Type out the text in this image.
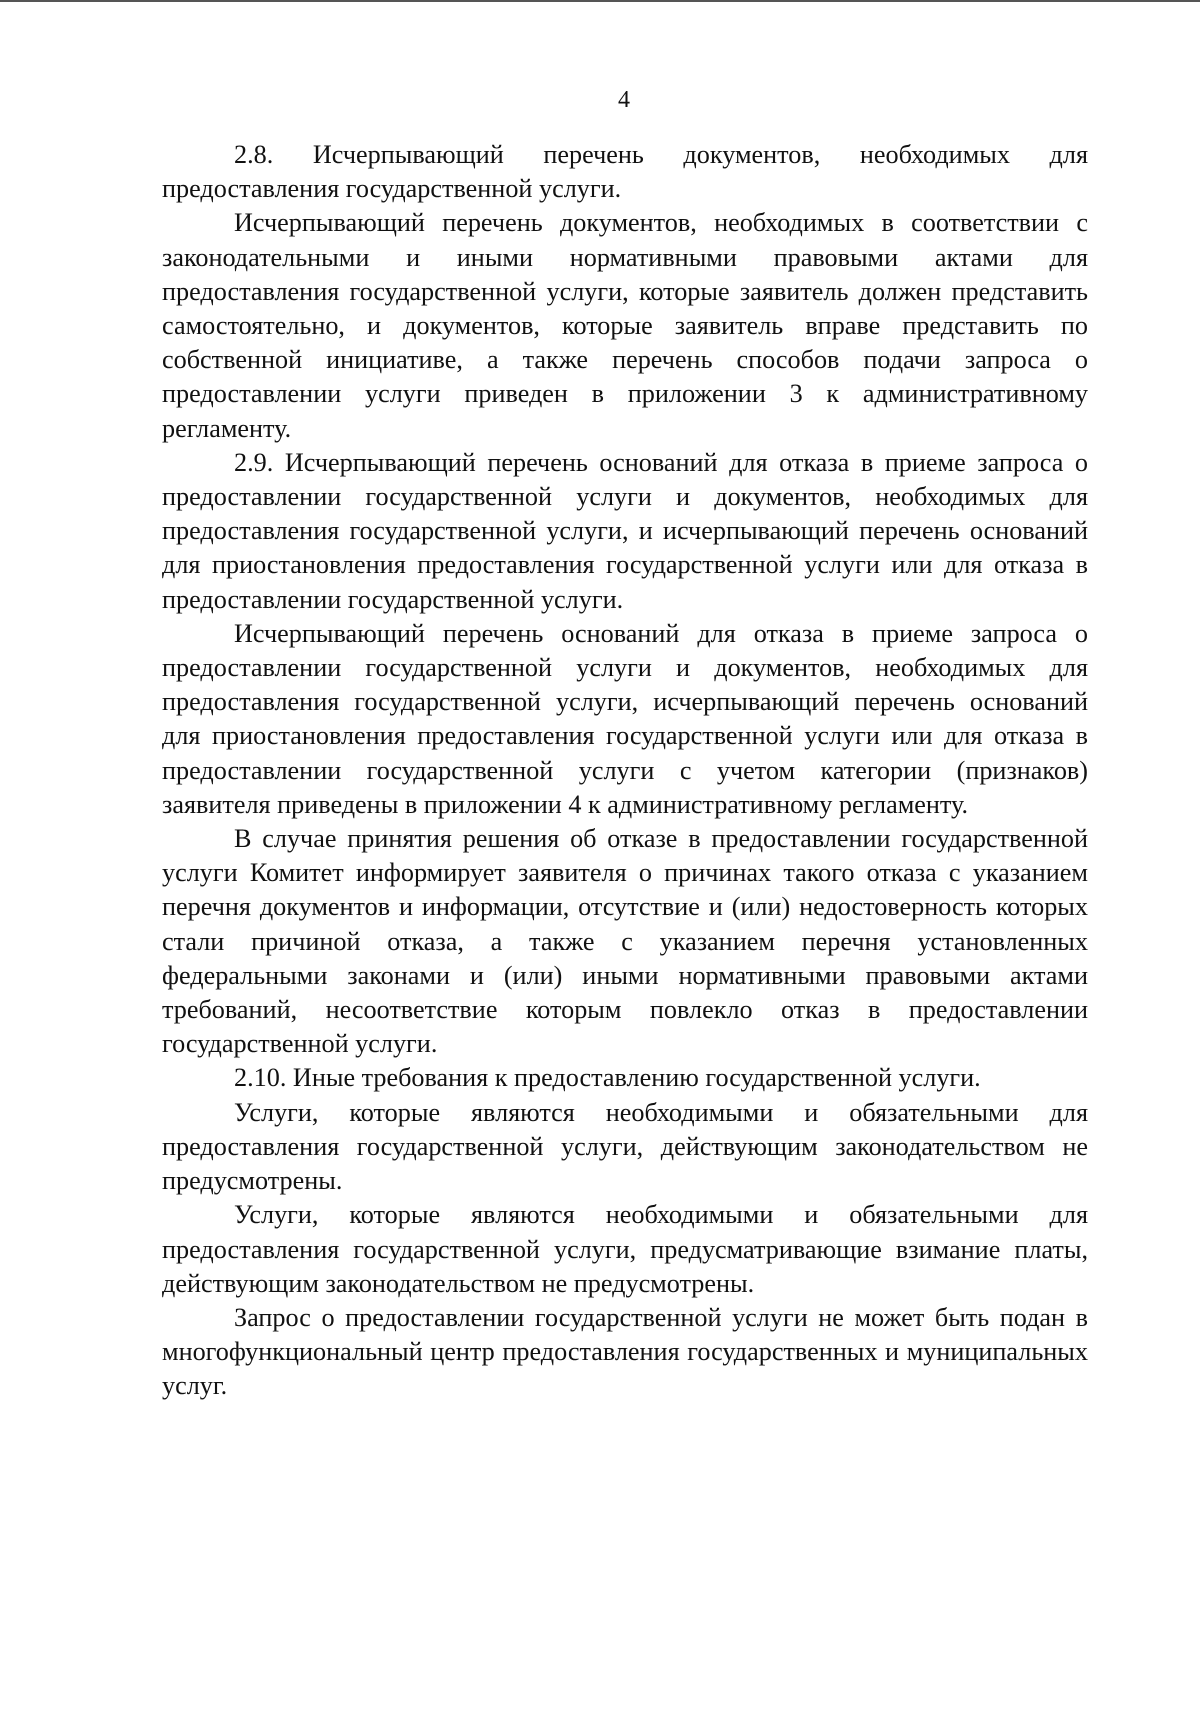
4

2.8. Исчерпывающий перечень документов, необходимых для предоставления государственной услуги.

Исчерпывающий перечень документов, необходимых в соответствии с законодательными и иными нормативными правовыми актами для предоставления государственной услуги, которые заявитель должен представить самостоятельно, и документов, которые заявитель вправе представить по собственной инициативе, а также перечень способов подачи запроса о предоставлении услуги приведен в приложении 3 к административному регламенту.

2.9. Исчерпывающий перечень оснований для отказа в приеме запроса о предоставлении государственной услуги и документов, необходимых для предоставления государственной услуги, и исчерпывающий перечень оснований для приостановления предоставления государственной услуги или для отказа в предоставлении государственной услуги.

Исчерпывающий перечень оснований для отказа в приеме запроса о предоставлении государственной услуги и документов, необходимых для предоставления государственной услуги, исчерпывающий перечень оснований для приостановления предоставления государственной услуги или для отказа в предоставлении государственной услуги с учетом категории (признаков) заявителя приведены в приложении 4 к административному регламенту.

В случае принятия решения об отказе в предоставлении государственной услуги Комитет информирует заявителя о причинах такого отказа с указанием перечня документов и информации, отсутствие и (или) недостоверность которых стали причиной отказа, а также с указанием перечня установленных федеральными законами и (или) иными нормативными правовыми актами требований, несоответствие которым повлекло отказ в предоставлении государственной услуги.

2.10. Иные требования к предоставлению государственной услуги.

Услуги, которые являются необходимыми и обязательными для предоставления государственной услуги, действующим законодательством не предусмотрены.

Услуги, которые являются необходимыми и обязательными для предоставления государственной услуги, предусматривающие взимание платы, действующим законодательством не предусмотрены.

Запрос о предоставлении государственной услуги не может быть подан в многофункциональный центр предоставления государственных и муниципальных услуг.
